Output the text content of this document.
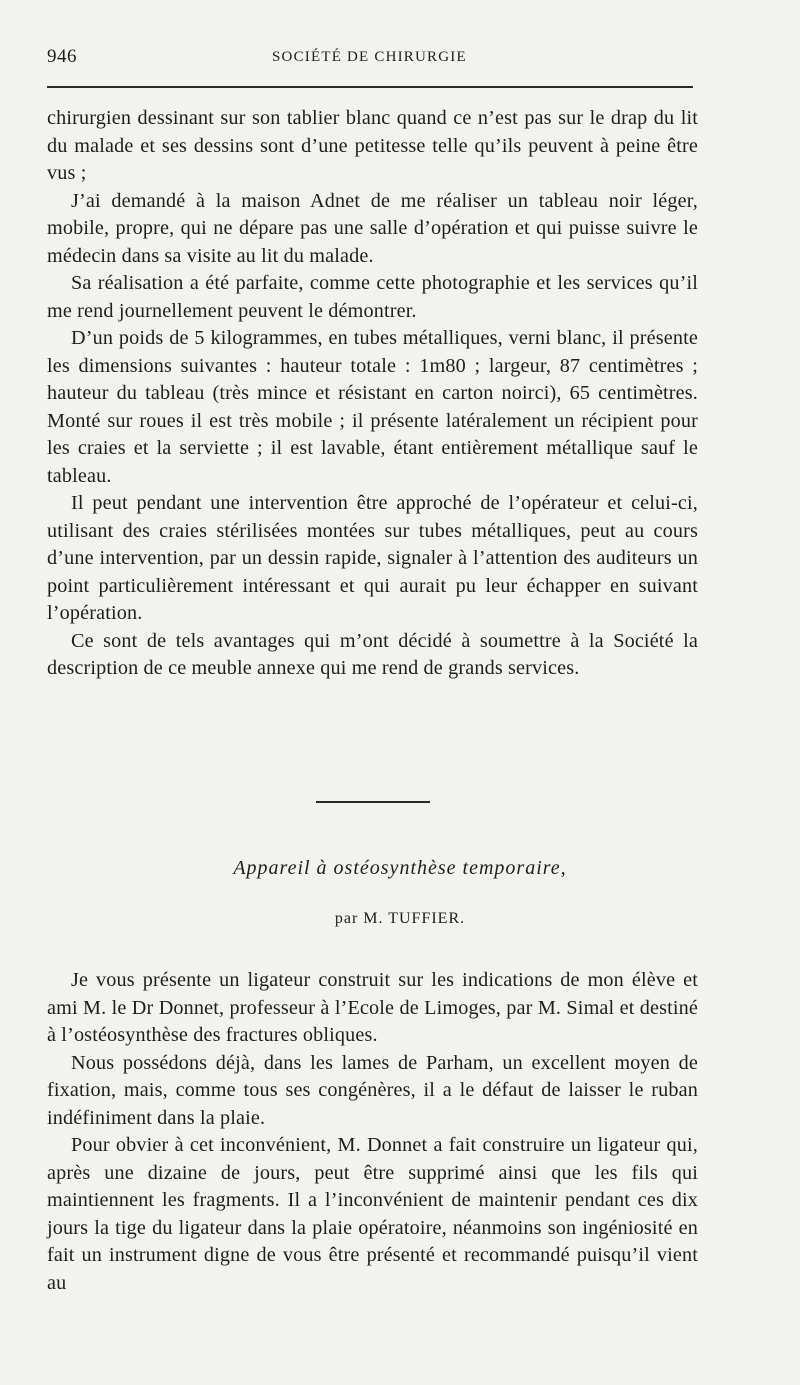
946	SOCIÉTÉ DE CHIRURGIE

chirurgien dessinant sur son tablier blanc quand ce n’est pas sur le drap du lit du malade et ses dessins sont d’une petitesse telle qu’ils peuvent à peine être vus ;

J’ai demandé à la maison Adnet de me réaliser un tableau noir léger, mobile, propre, qui ne dépare pas une salle d’opération et qui puisse suivre le médecin dans sa visite au lit du malade.

Sa réalisation a été parfaite, comme cette photographie et les services qu’il me rend journellement peuvent le démontrer.

D’un poids de 5 kilogrammes, en tubes métalliques, verni blanc, il présente les dimensions suivantes : hauteur totale : 1m80 ; largeur, 87 centimètres ; hauteur du tableau (très mince et résistant en carton noirci), 65 centimètres. Monté sur roues il est très mobile ; il présente latéralement un récipient pour les craies et la serviette ; il est lavable, étant entièrement métallique sauf le tableau.

Il peut pendant une intervention être approché de l’opérateur et celui-ci, utilisant des craies stérilisées montées sur tubes métalliques, peut au cours d’une intervention, par un dessin rapide, signaler à l’attention des auditeurs un point particulièrement intéressant et qui aurait pu leur échapper en suivant l’opération.

Ce sont de tels avantages qui m’ont décidé à soumettre à la Société la description de ce meuble annexe qui me rend de grands services.

Appareil à ostéosynthèse temporaire,
par M. TUFFIER.

Je vous présente un ligateur construit sur les indications de mon élève et ami M. le Dr Donnet, professeur à l’Ecole de Limoges, par M. Simal et destiné à l’ostéosynthèse des fractures obliques.

Nous possédons déjà, dans les lames de Parham, un excellent moyen de fixation, mais, comme tous ses congénères, il a le défaut de laisser le ruban indéfiniment dans la plaie.

Pour obvier à cet inconvénient, M. Donnet a fait construire un ligateur qui, après une dizaine de jours, peut être supprimé ainsi que les fils qui maintiennent les fragments. Il a l’inconvénient de maintenir pendant ces dix jours la tige du ligateur dans la plaie opératoire, néanmoins son ingéniosité en fait un instrument digne de vous être présenté et recommandé puisqu’il vient au
